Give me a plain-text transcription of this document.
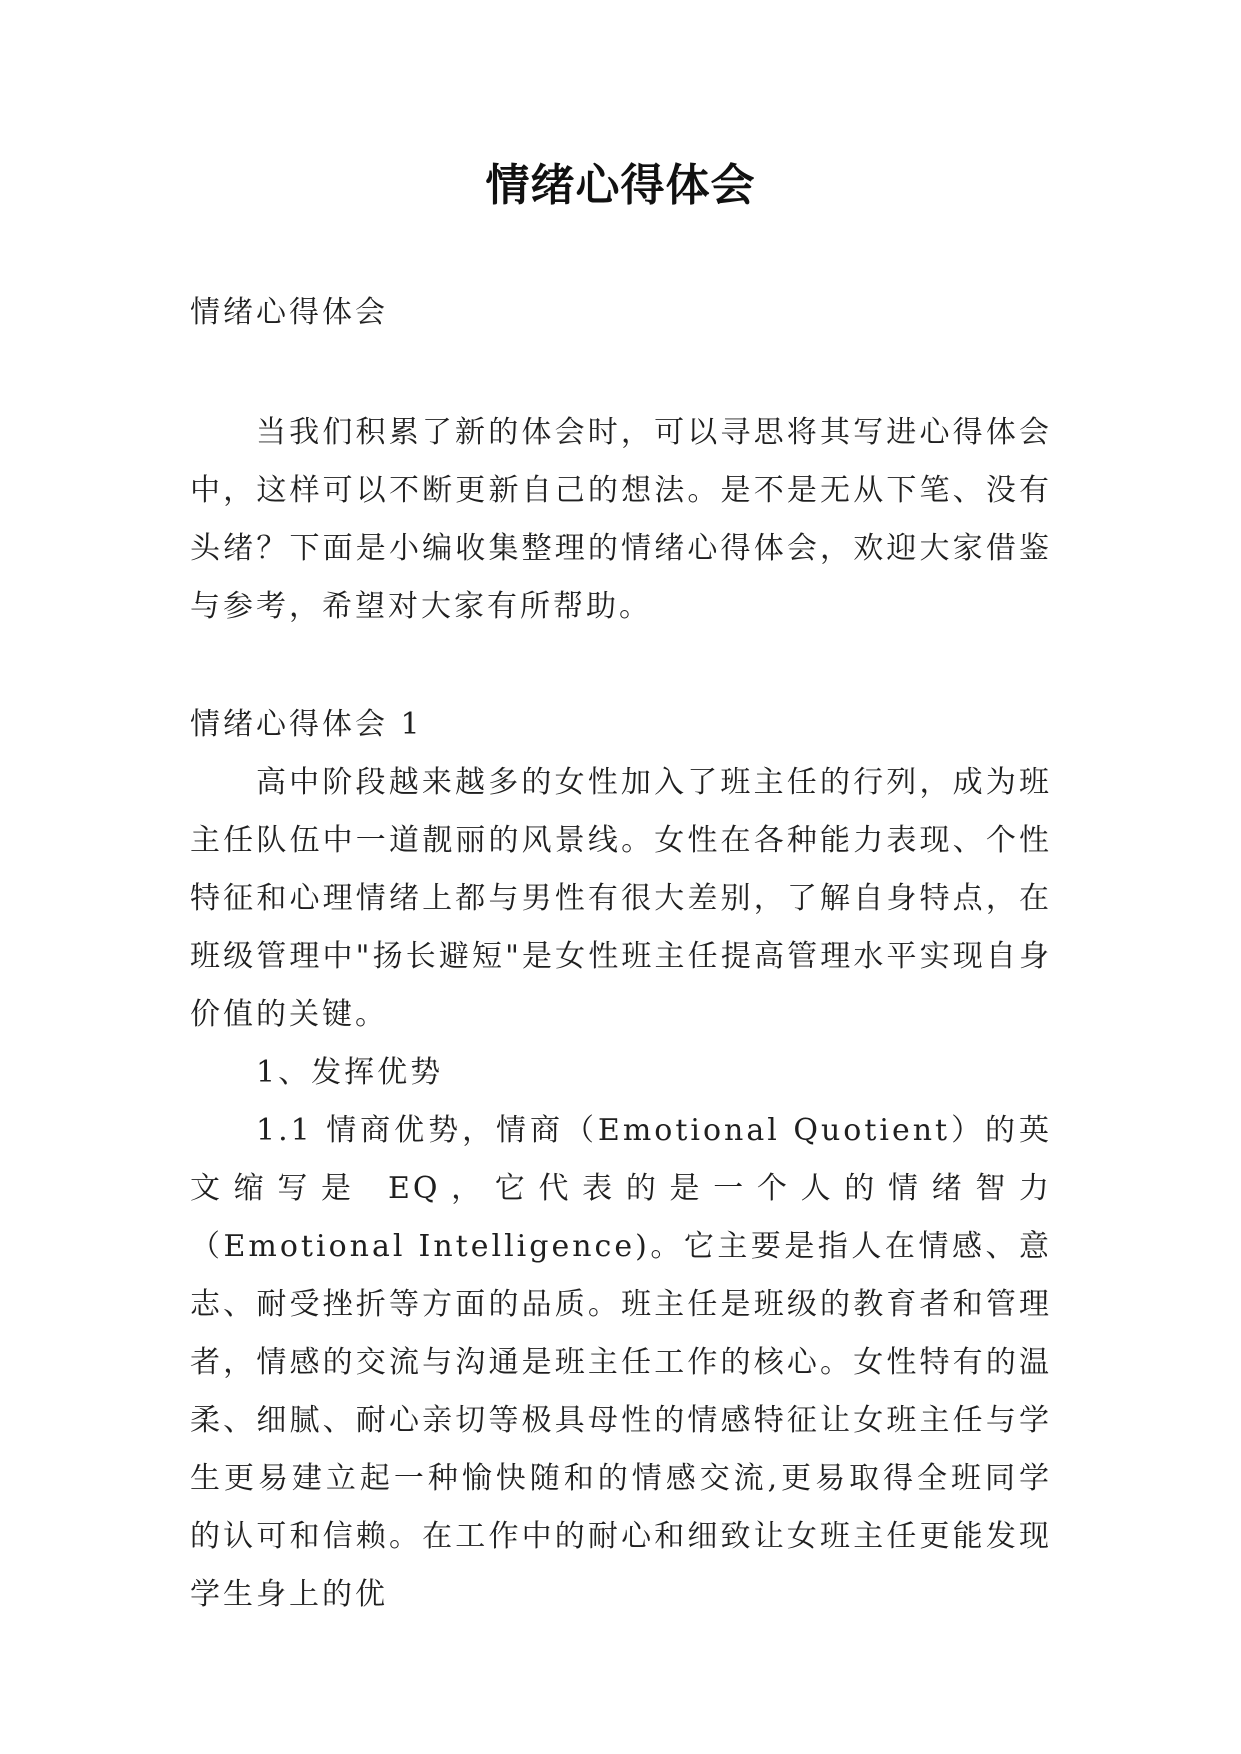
情绪心得体会
情绪心得体会

当我们积累了新的体会时，可以寻思将其写进心得体会中，这样可以不断更新自己的想法。是不是无从下笔、没有头绪？下面是小编收集整理的情绪心得体会，欢迎大家借鉴与参考，希望对大家有所帮助。

情绪心得体会 1

高中阶段越来越多的女性加入了班主任的行列，成为班主任队伍中一道靓丽的风景线。女性在各种能力表现、个性特征和心理情绪上都与男性有很大差别，了解自身特点，在班级管理中"扬长避短"是女性班主任提高管理水平实现自身价值的关键。

1、发挥优势

1.1 情商优势，情商（Emotional Quotient）的英文缩写是 EQ，它代表的是一个人的情绪智力（Emotional Intelligence)。它主要是指人在情感、意志、耐受挫折等方面的品质。班主任是班级的教育者和管理者，情感的交流与沟通是班主任工作的核心。女性特有的温柔、细腻、耐心亲切等极具母性的情感特征让女班主任与学生更易建立起一种愉快随和的情感交流,更易取得全班同学的认可和信赖。在工作中的耐心和细致让女班主任更能发现学生身上的优
